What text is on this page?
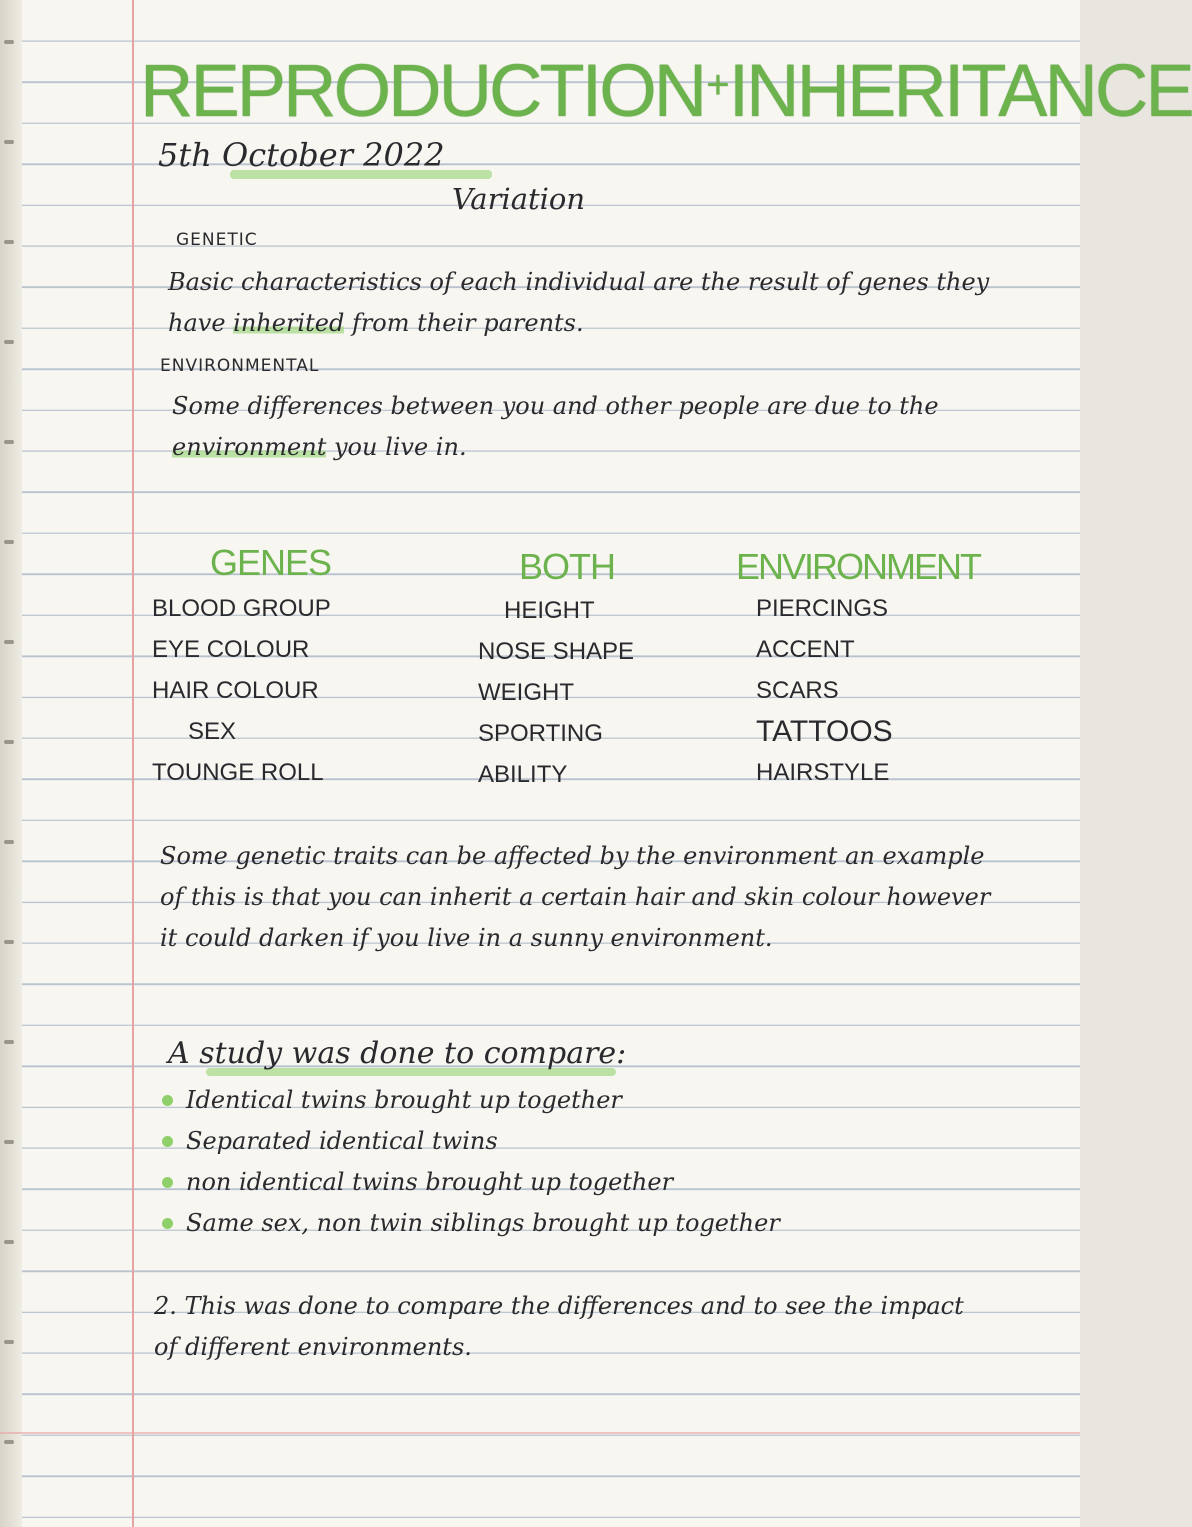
REPRODUCTION+INHERITANCE
5th October 2022
Variation
GENETIC
Basic characteristics of each individual are the result of genes they have inherited from their parents.
ENVIRONMENTAL
Some differences between you and other people are due to the environment you live in.
GENES	BOTH	ENVIRONMENT
BLOOD GROUP
EYE COLOUR
HAIR COLOUR
SEX
TOUNGE ROLL
HEIGHT
NOSE SHAPE
WEIGHT
SPORTING
ABILITY
PIERCINGS
ACCENT
SCARS
TATTOOS
HAIRSTYLE
Some genetic traits can be affected by the environment an example of this is that you can inherit a certain hair and skin colour however it could darken if you live in a sunny environment.
A study was done to compare:
Identical twins brought up together
Separated identical twins
non identical twins brought up together
Same sex, non twin siblings brought up together
2. This was done to compare the differences and to see the impact of different environments.
